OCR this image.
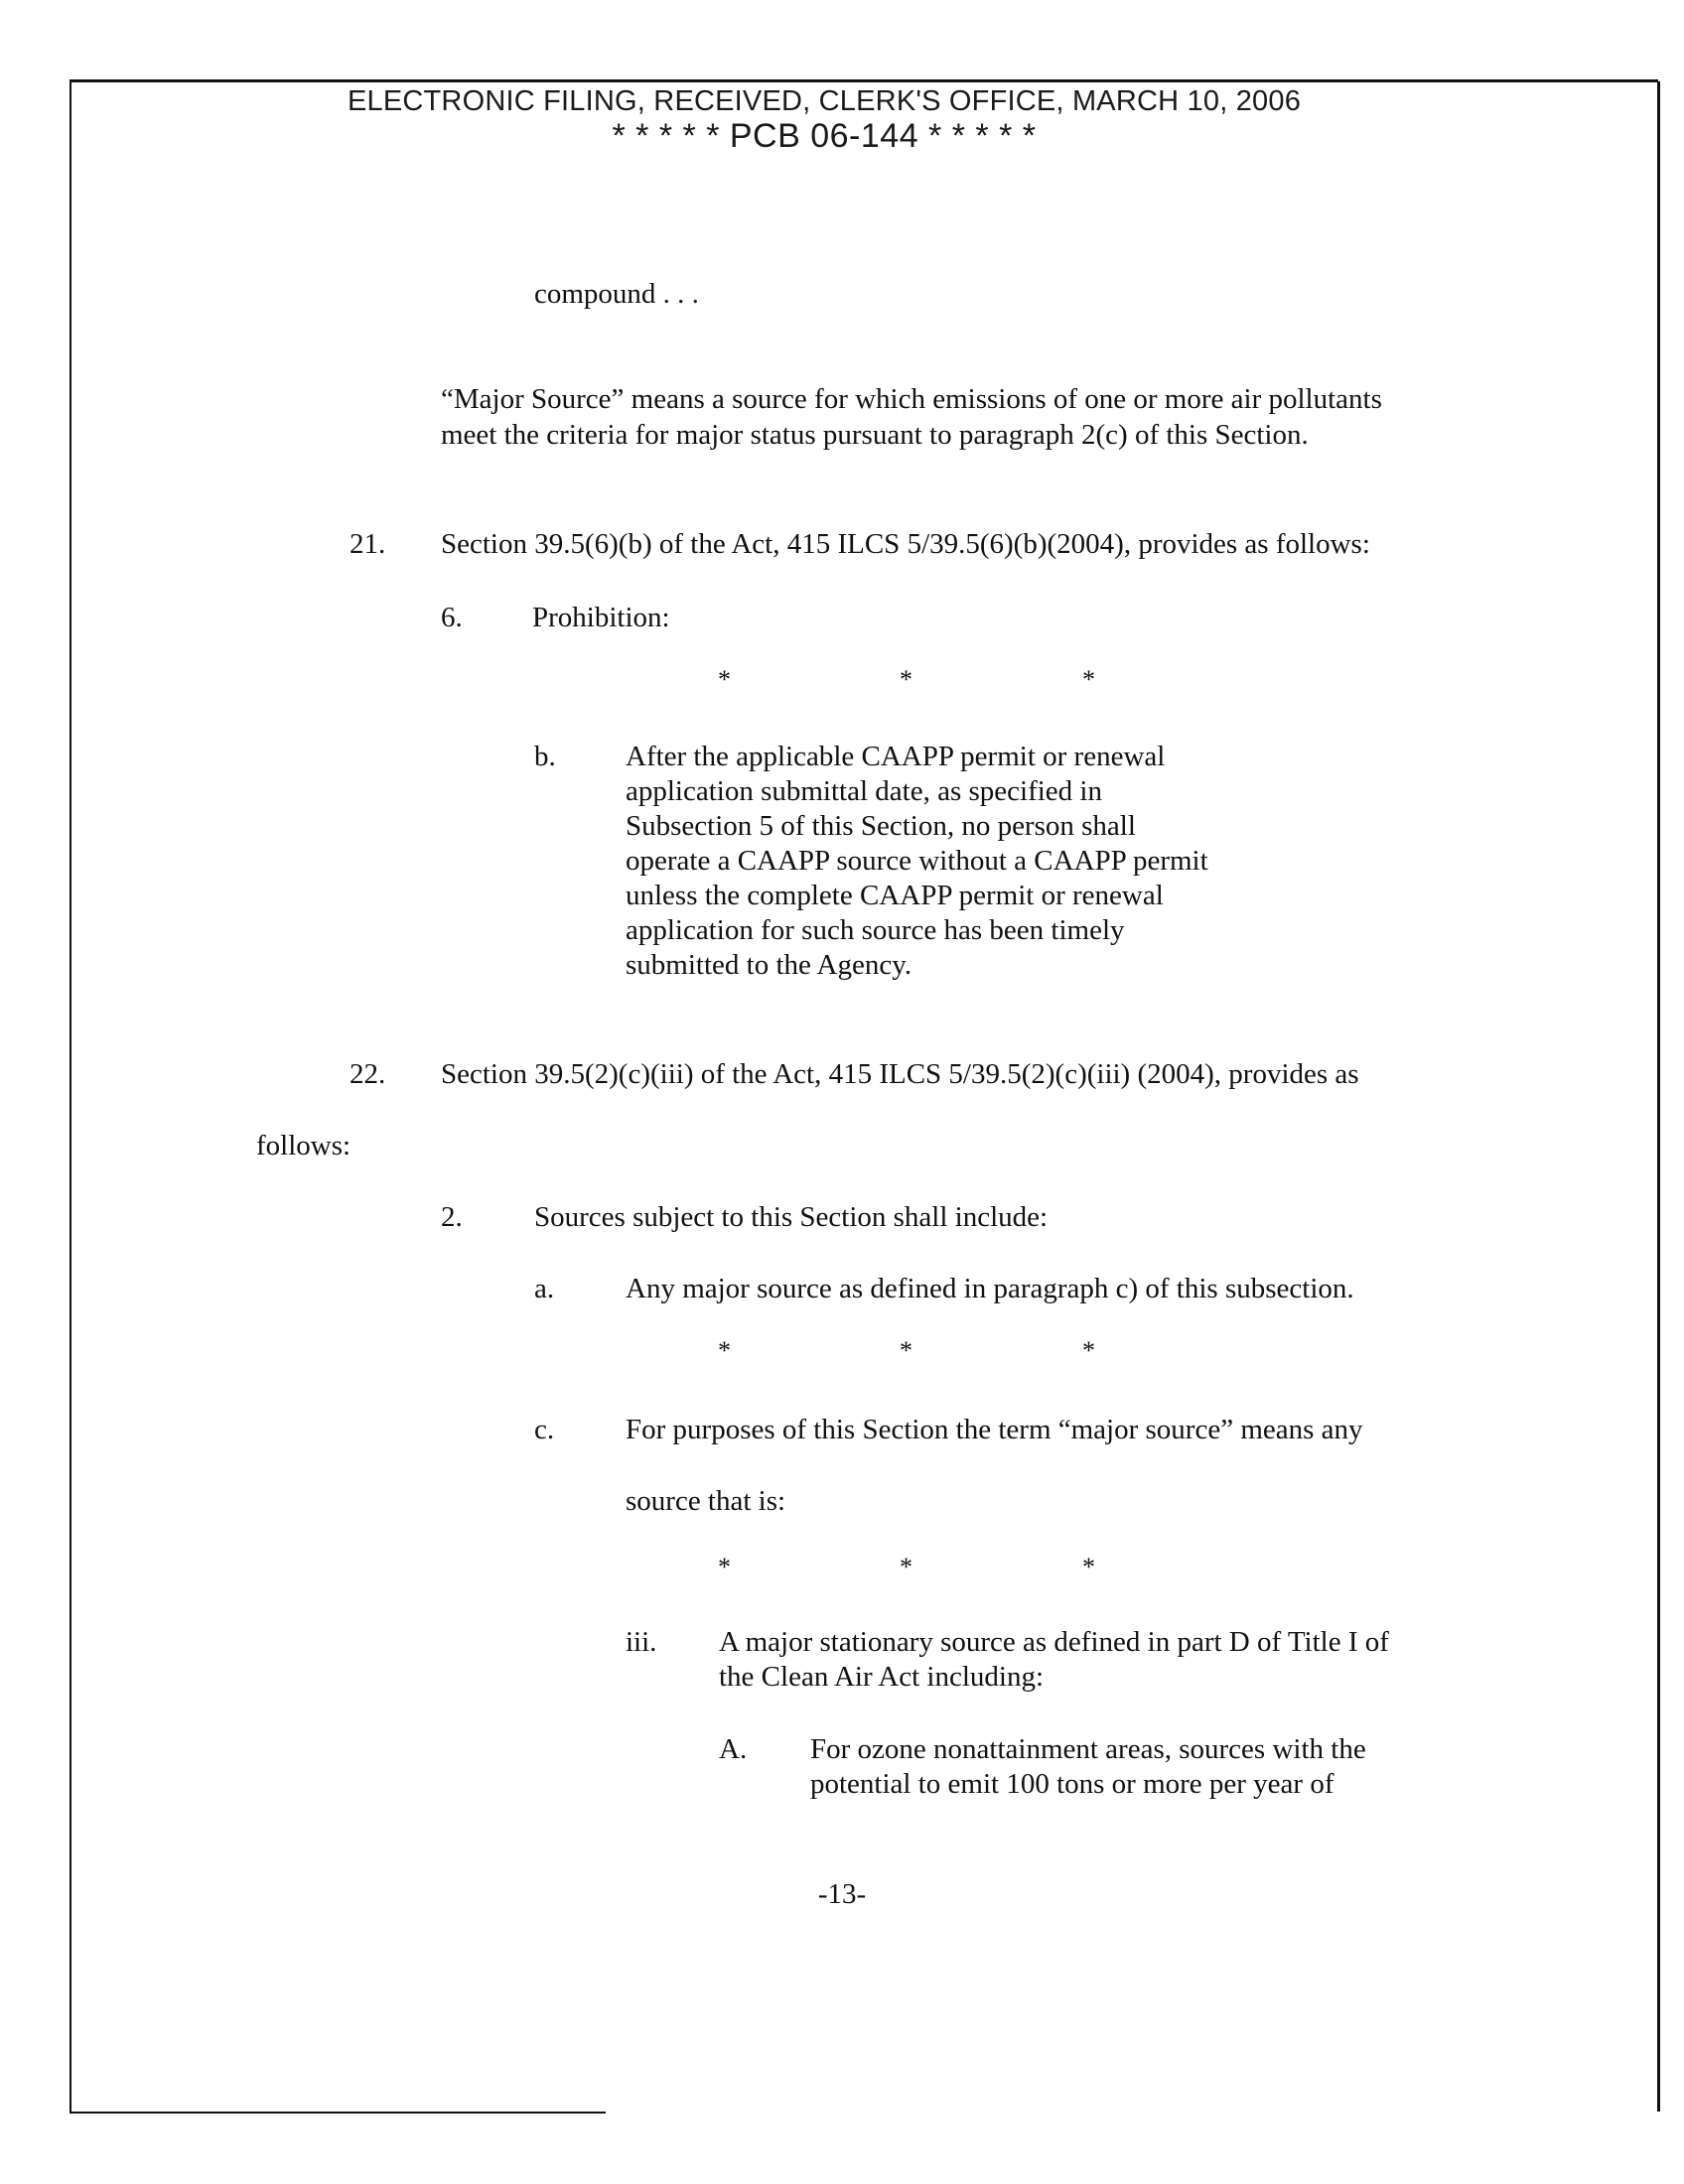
ELECTRONIC FILING, RECEIVED, CLERK'S OFFICE, MARCH 10, 2006
* * * * * PCB 06-144 * * * * *
compound . . .
“Major Source” means a source for which emissions of one or more air pollutants
meet the criteria for major status pursuant to paragraph 2(c) of this Section.
21. Section 39.5(6)(b) of the Act, 415 ILCS 5/39.5(6)(b)(2004), provides as follows:
6. Prohibition:
*	*	*
b. After the applicable CAAPP permit or renewal
application submittal date, as specified in
Subsection 5 of this Section, no person shall
operate a CAAPP source without a CAAPP permit
unless the complete CAAPP permit or renewal
application for such source has been timely
submitted to the Agency.
22. Section 39.5(2)(c)(iii) of the Act, 415 ILCS 5/39.5(2)(c)(iii) (2004), provides as
follows:
2. Sources subject to this Section shall include:
a. Any major source as defined in paragraph c) of this subsection.
*	*	*
c. For purposes of this Section the term “major source” means any
source that is:
*	*	*
iii. A major stationary source as defined in part D of Title I of
the Clean Air Act including:
A. For ozone nonattainment areas, sources with the
potential to emit 100 tons or more per year of
-13-
